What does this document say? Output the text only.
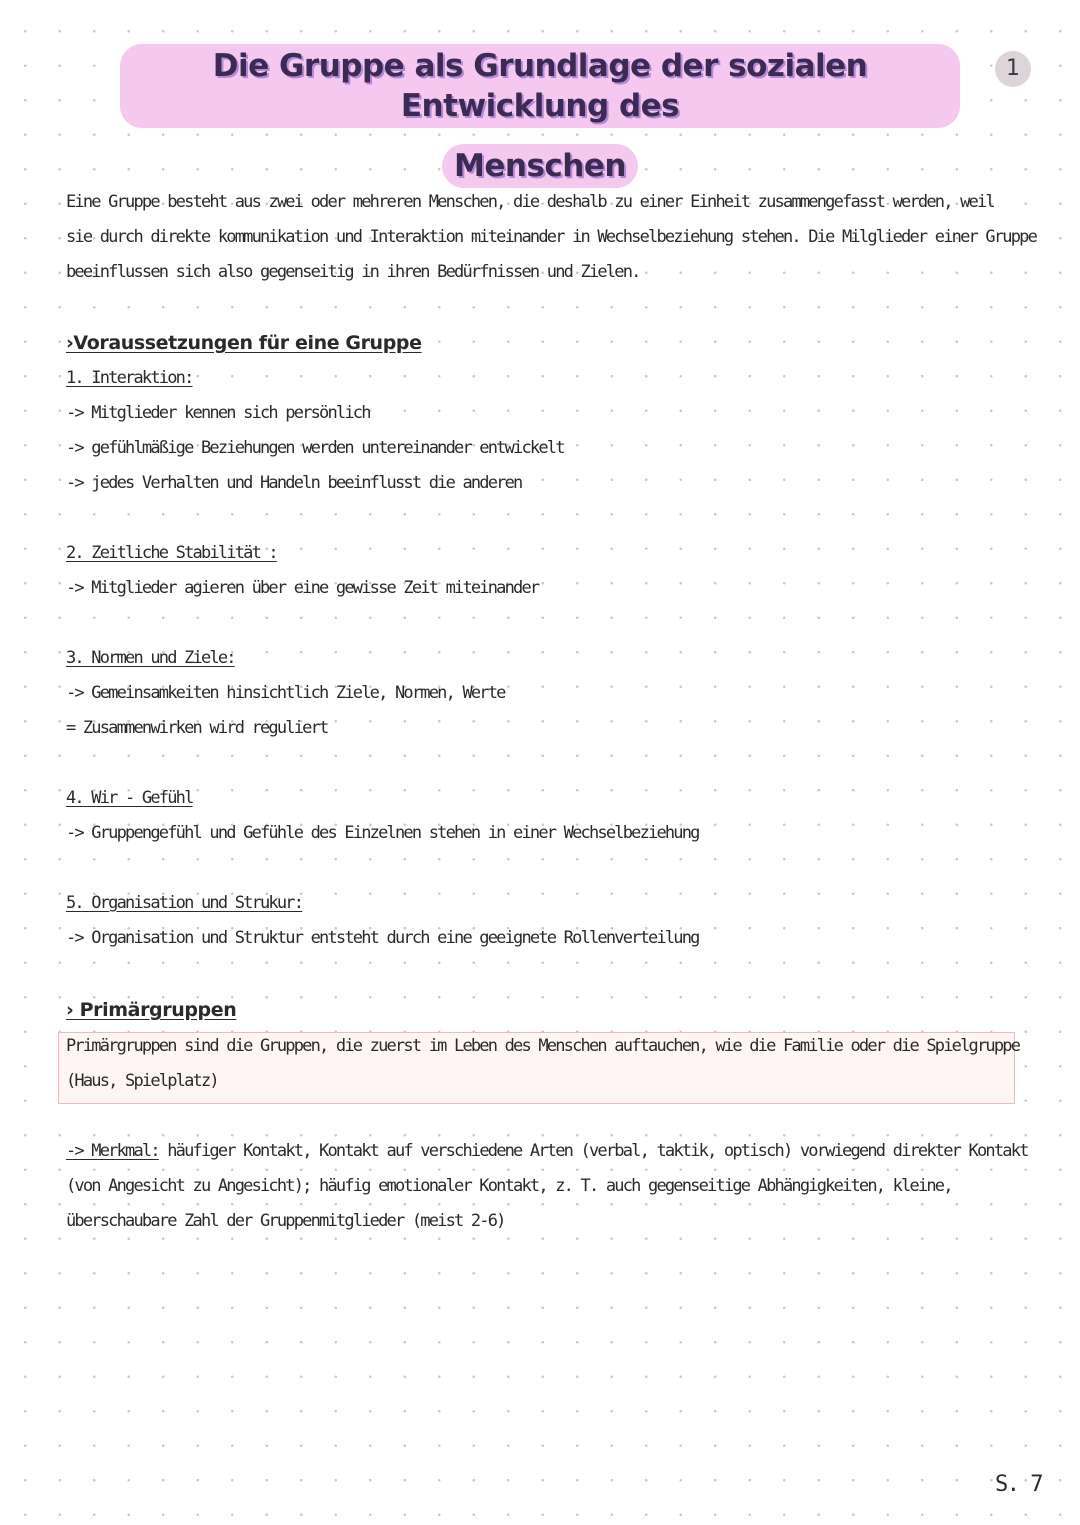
Die Gruppe als Grundlage der sozialen Entwicklung des
Menschen
1
Eine Gruppe besteht aus zwei oder mehreren Menschen, die deshalb zu einer Einheit zusammengefasst werden, weil
sie durch direkte kommunikation und Interaktion miteinander in Wechselbeziehung stehen. Die Milglieder einer Gruppe
beeinflussen sich also gegenseitig in ihren Bedürfnissen und Zielen.
›Voraussetzungen für eine Gruppe
1. Interaktion:
-> Mitglieder kennen sich persönlich
-> gefühlmäßige Beziehungen werden untereinander entwickelt
-> jedes Verhalten und Handeln beeinflusst die anderen

2. Zeitliche Stabilität :
-> Mitglieder agieren über eine gewisse Zeit miteinander

3. Normen und Ziele:
-> Gemeinsamkeiten hinsichtlich Ziele, Normen, Werte
= Zusammenwirken wird reguliert

4. Wir - Gefühl
-> Gruppengefühl und Gefühle des Einzelnen stehen in einer Wechselbeziehung

5. Organisation und Strukur:
-> Organisation und Struktur entsteht durch eine geeignete Rollenverteilung
› Primärgruppen
Primärgruppen sind die Gruppen, die zuerst im Leben des Menschen auftauchen, wie die Familie oder die Spielgruppe
(Haus, Spielplatz)
-> Merkmal: häufiger Kontakt, Kontakt auf verschiedene Arten (verbal, taktik, optisch) vorwiegend direkter Kontakt
(von Angesicht zu Angesicht); häufig emotionaler Kontakt, z. T. auch gegenseitige Abhängigkeiten, kleine,
überschaubare Zahl der Gruppenmitglieder (meist 2-6)
S. 7
